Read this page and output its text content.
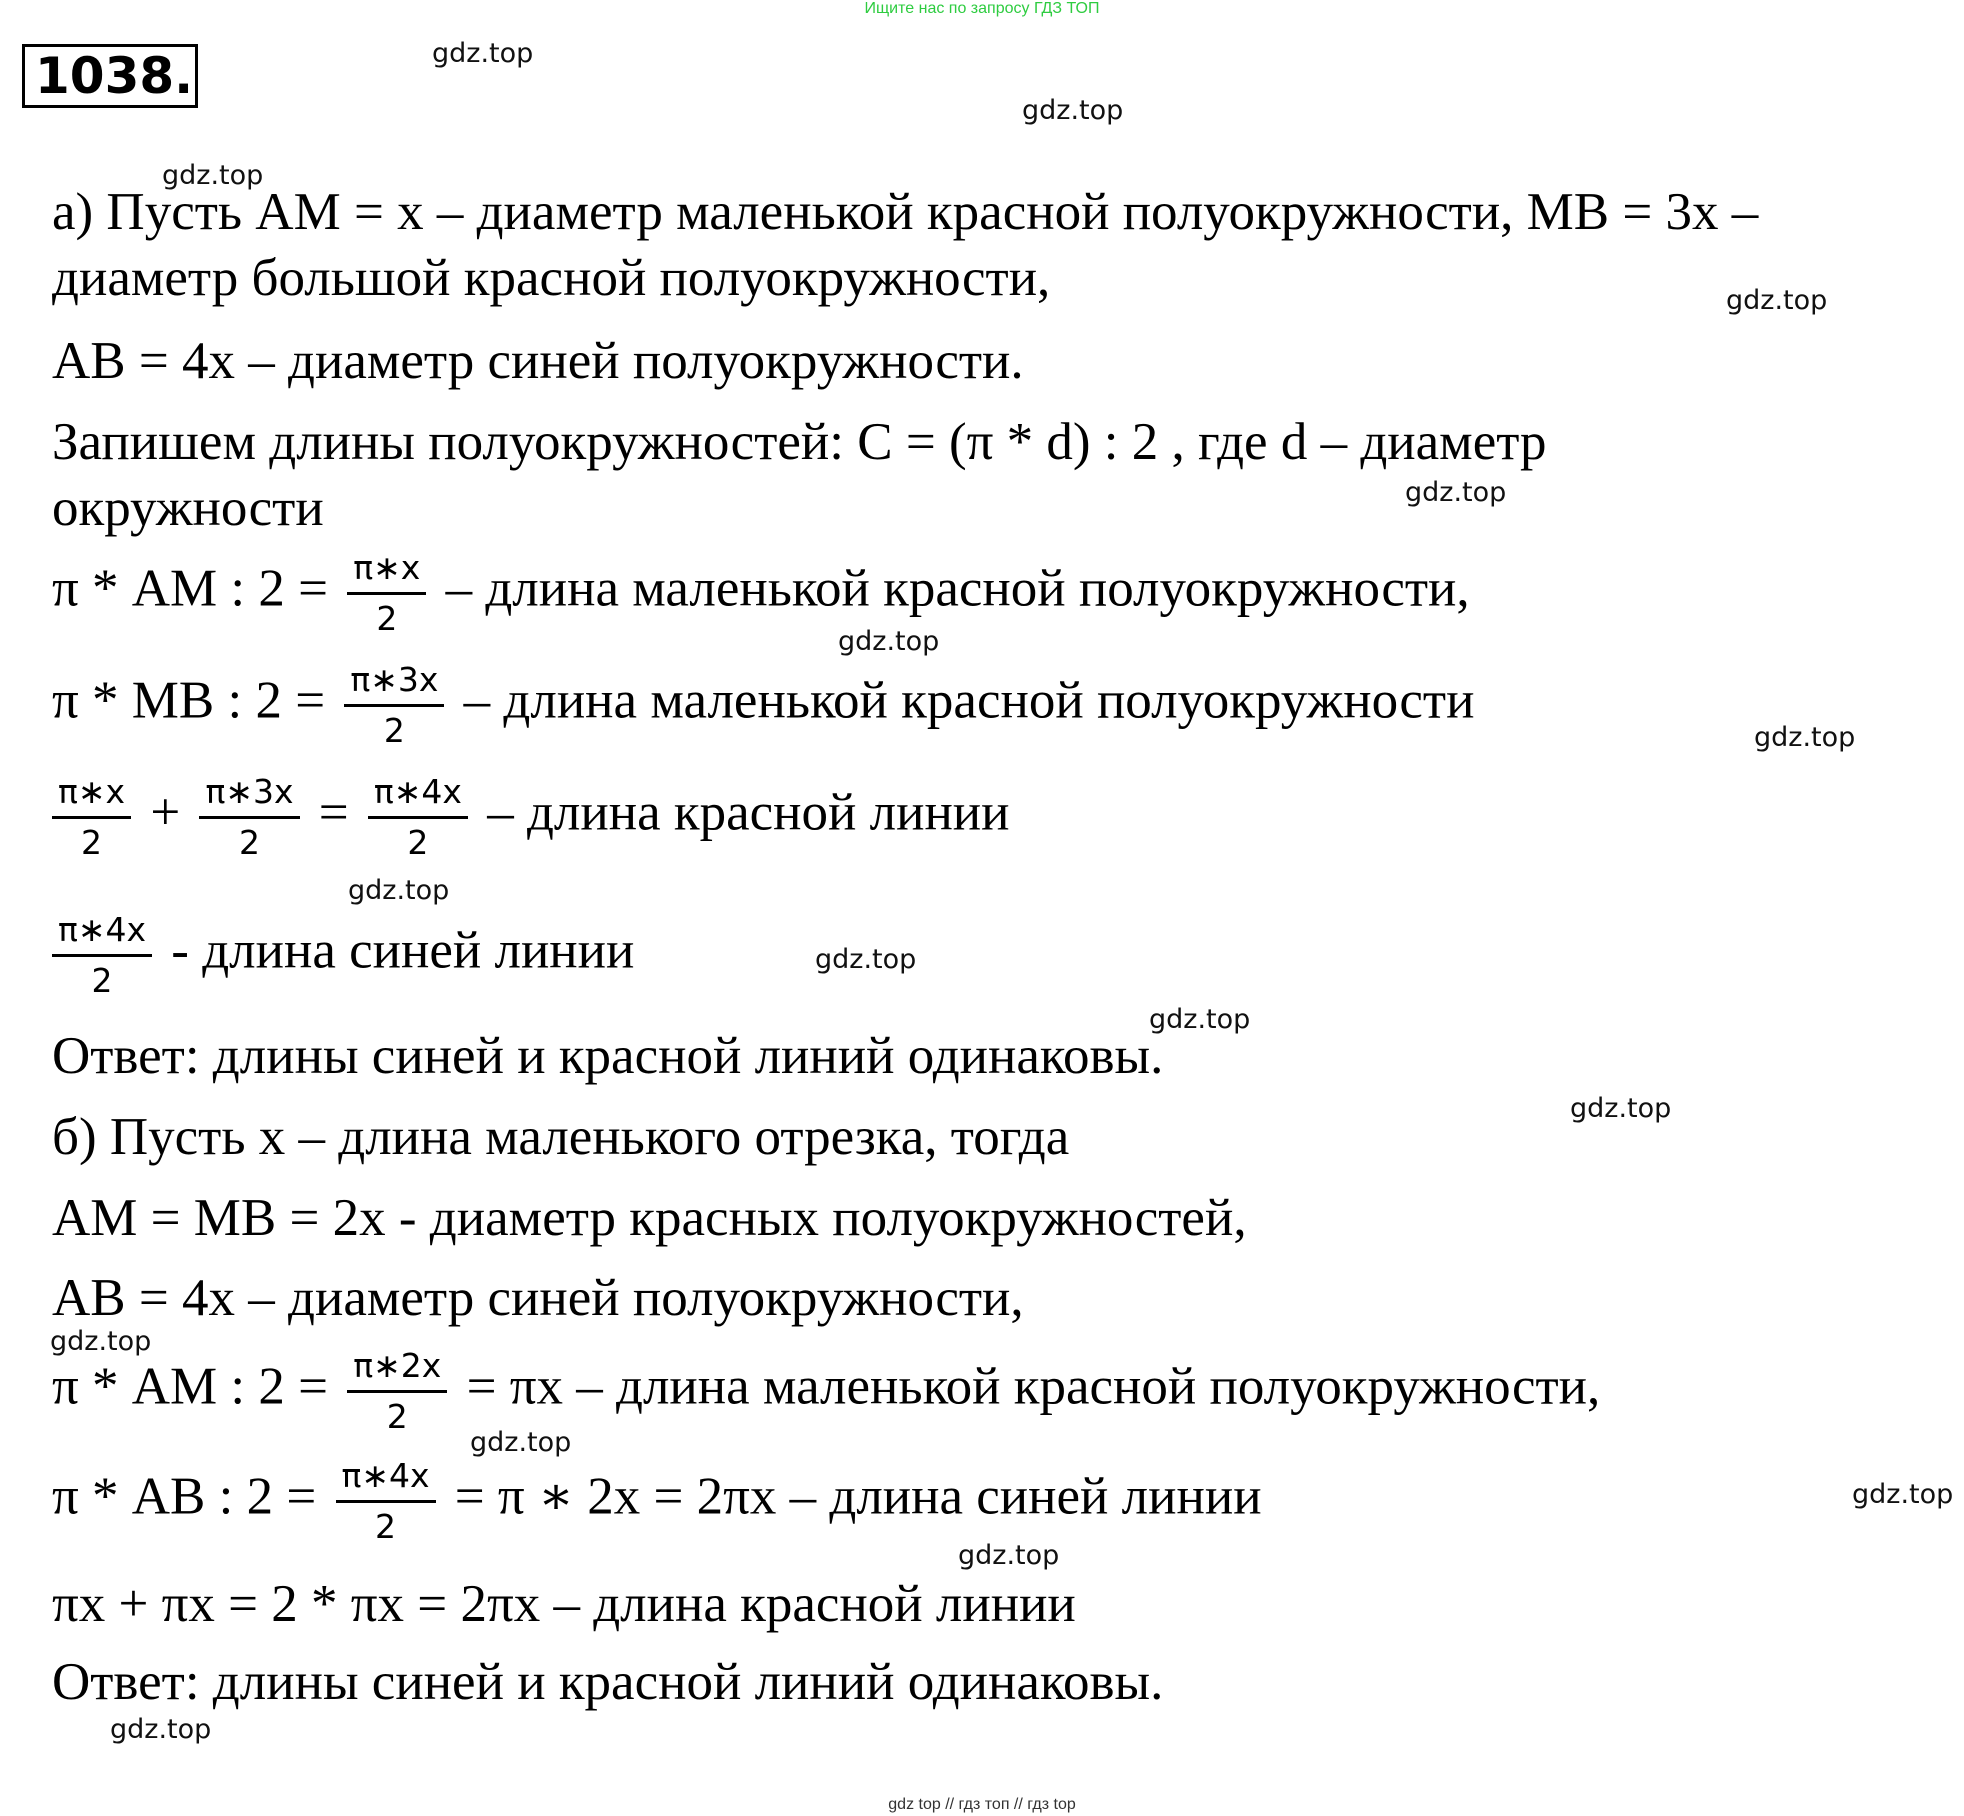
Ищите нас по запросу ГДЗ ТОП
1038.	gdz.top
gdz.top
gdz.top
gdz.top
gdz.top
gdz.top
gdz.top
gdz.top
gdz.top
gdz.top
gdz.top
gdz.top
gdz.top
gdz.top
gdz.top
gdz.top
а) Пусть AM = x – диаметр маленькой красной полуокружности, MB = 3x –
диаметр большой красной полуокружности,
AB = 4x – диаметр синей полуокружности.
Запишем длины полуокружностей: C = (π * d) : 2 , где d – диаметр
окружности
π * AM : $2 = \frac{\pi∗x}{2}$ – длина маленькой красной полуокружности,
π * MB : $2 = \frac{\pi∗3x}{2}$ – длина маленькой красной полуокружности
$\frac{\pi∗x}{2} + \frac{\pi∗3x}{2} = \frac{\pi∗4x}{2}$ – длина красной линии
$\frac{\pi∗4x}{2}$ - длина синей линии
Ответ: длины синей и красной линий одинаковы.
б) Пусть x – длина маленького отрезка, тогда
AM = MB = 2x - диаметр красных полуокружностей,
AB = 4x – диаметр синей полуокружности,
π * AM : $2 = \frac{\pi∗2x}{2} = \pi x$ – длина маленькой красной полуокружности,
π * AB : $2 = \frac{\pi∗4x}{2} = \pi$ ∗ 2x = 2πx – длина синей линии
πx + πx = 2 * πx = 2πx – длина красной линии
Ответ: длины синей и красной линий одинаковы.
gdz top // гдз топ // гдз top
